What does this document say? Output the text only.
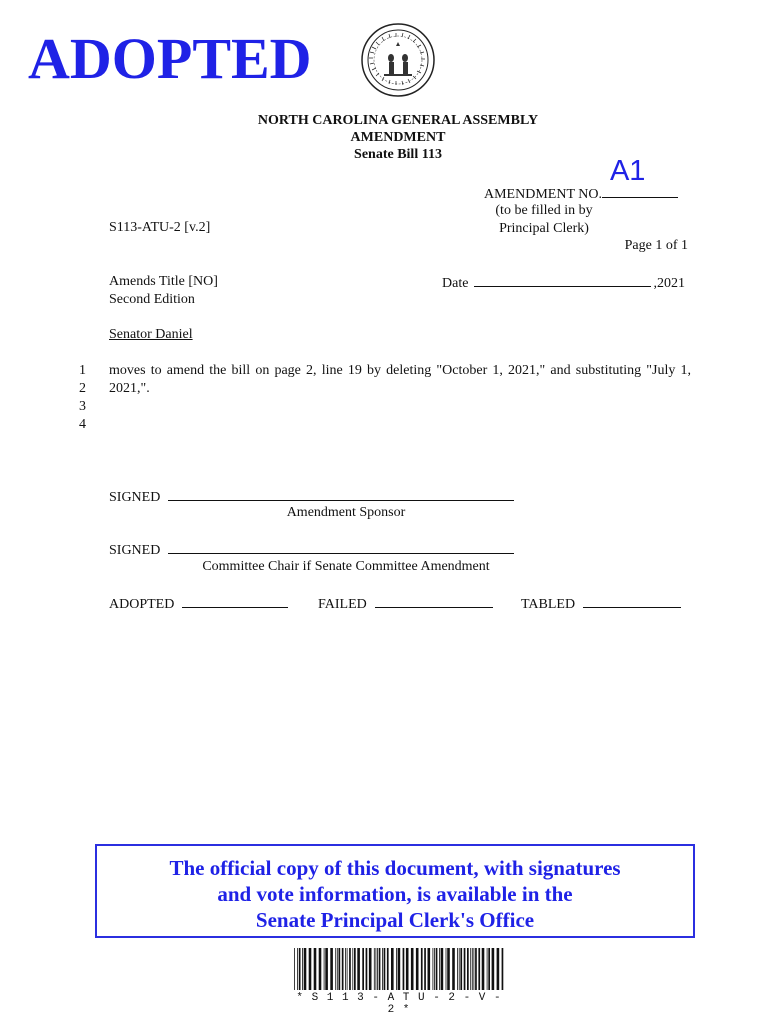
ADOPTED
NORTH CAROLINA GENERAL ASSEMBLY
AMENDMENT
Senate Bill 113
AMENDMENT NO.
A1
(to be filled in by
Principal Clerk)
S113-ATU-2 [v.2]
Page 1 of 1
Amends Title [NO]
Second Edition
Date	,2021
Senator Daniel
1
2
3
4
moves to amend the bill on page 2, line 19 by deleting "October 1, 2021," and substituting "July 1, 2021,".
SIGNED
Amendment Sponsor
SIGNED
Committee Chair if Senate Committee Amendment
ADOPTED	FAILED	TABLED
The official copy of this document, with signatures
and vote information, is available in the
Senate Principal Clerk's Office
* S 1 1 3 - A T U - 2 - V - 2 *
